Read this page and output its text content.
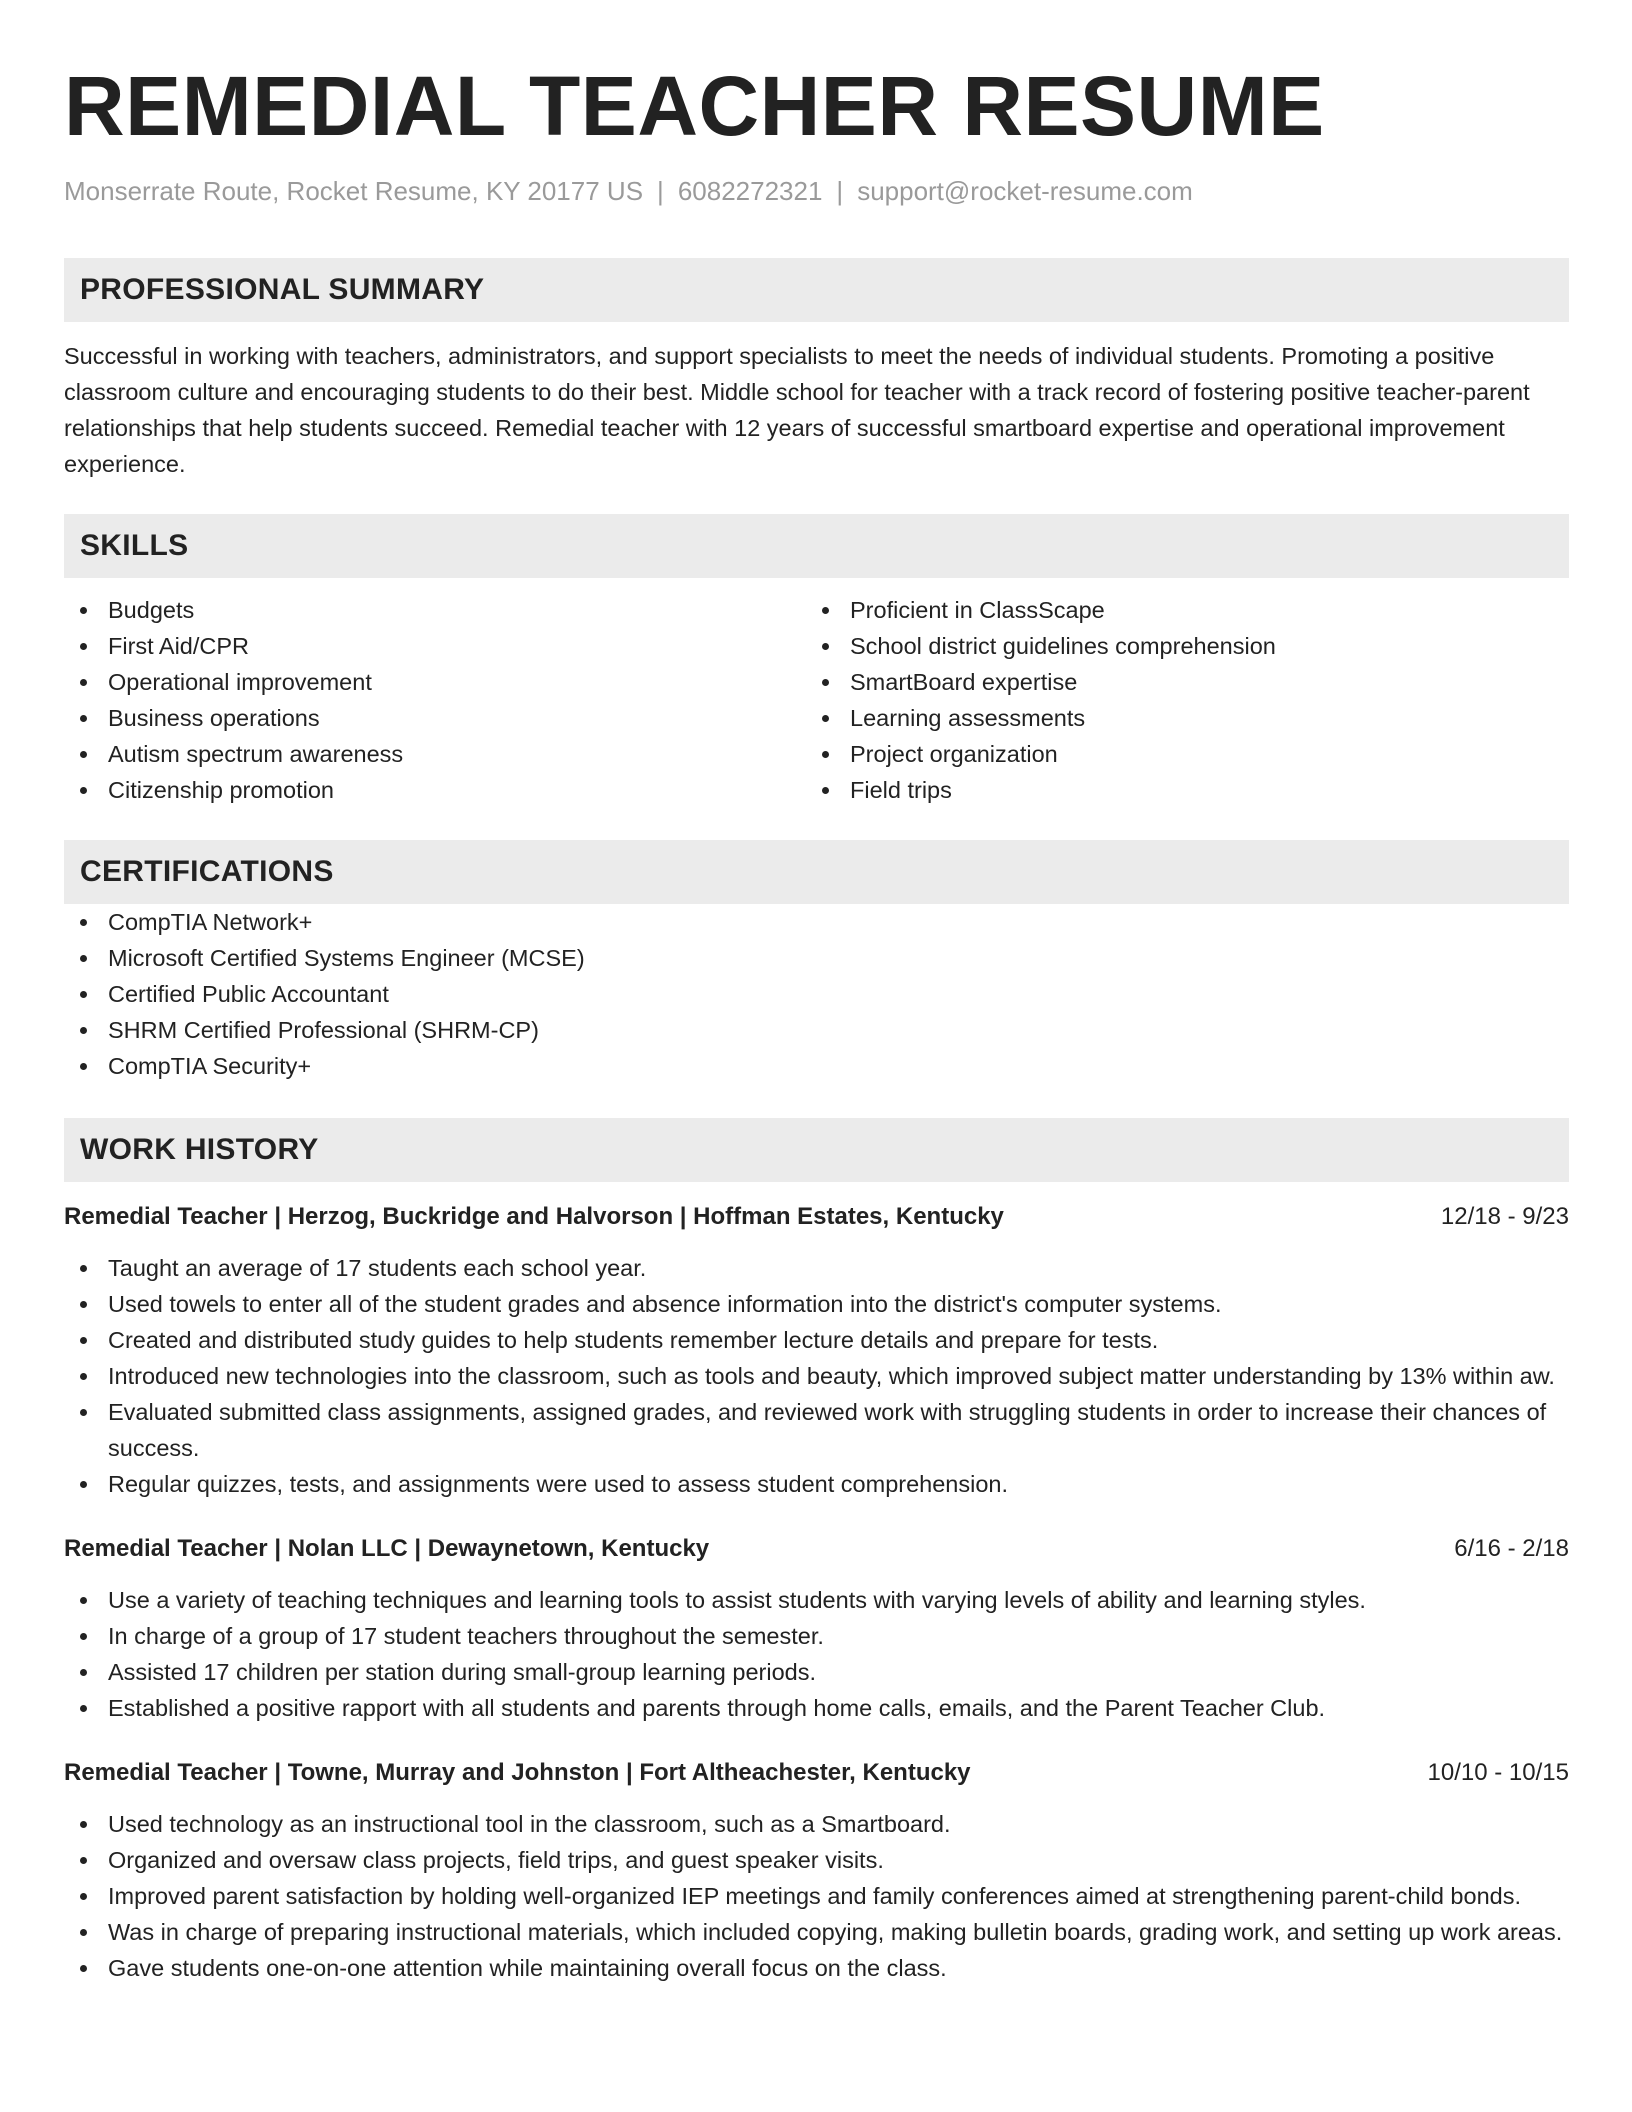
REMEDIAL TEACHER RESUME
Monserrate Route, Rocket Resume, KY 20177 US | 6082272321 | support@rocket-resume.com
PROFESSIONAL SUMMARY

Successful in working with teachers, administrators, and support specialists to meet the needs of individual students. Promoting a positive classroom culture and encouraging students to do their best. Middle school for teacher with a track record of fostering positive teacher-parent relationships that help students succeed. Remedial teacher with 12 years of successful smartboard expertise and operational improvement experience.

SKILLS
Budgets
First Aid/CPR
Operational improvement
Business operations
Autism spectrum awareness
Citizenship promotion
Proficient in ClassScape
School district guidelines comprehension
SmartBoard expertise
Learning assessments
Project organization
Field trips
CERTIFICATIONS
CompTIA Network+
Microsoft Certified Systems Engineer (MCSE)
Certified Public Accountant
SHRM Certified Professional (SHRM-CP)
CompTIA Security+
WORK HISTORY
Remedial Teacher | Herzog, Buckridge and Halvorson | Hoffman Estates, Kentucky	12/18 - 9/23
Taught an average of 17 students each school year.
Used towels to enter all of the student grades and absence information into the district's computer systems.
Created and distributed study guides to help students remember lecture details and prepare for tests.
Introduced new technologies into the classroom, such as tools and beauty, which improved subject matter understanding by 13% within aw.
Evaluated submitted class assignments, assigned grades, and reviewed work with struggling students in order to increase their chances of success.
Regular quizzes, tests, and assignments were used to assess student comprehension.
Remedial Teacher | Nolan LLC | Dewaynetown, Kentucky	6/16 - 2/18
Use a variety of teaching techniques and learning tools to assist students with varying levels of ability and learning styles.
In charge of a group of 17 student teachers throughout the semester.
Assisted 17 children per station during small-group learning periods.
Established a positive rapport with all students and parents through home calls, emails, and the Parent Teacher Club.
Remedial Teacher | Towne, Murray and Johnston | Fort Altheachester, Kentucky	10/10 - 10/15
Used technology as an instructional tool in the classroom, such as a Smartboard.
Organized and oversaw class projects, field trips, and guest speaker visits.
Improved parent satisfaction by holding well-organized IEP meetings and family conferences aimed at strengthening parent-child bonds.
Was in charge of preparing instructional materials, which included copying, making bulletin boards, grading work, and setting up work areas.
Gave students one-on-one attention while maintaining overall focus on the class.
